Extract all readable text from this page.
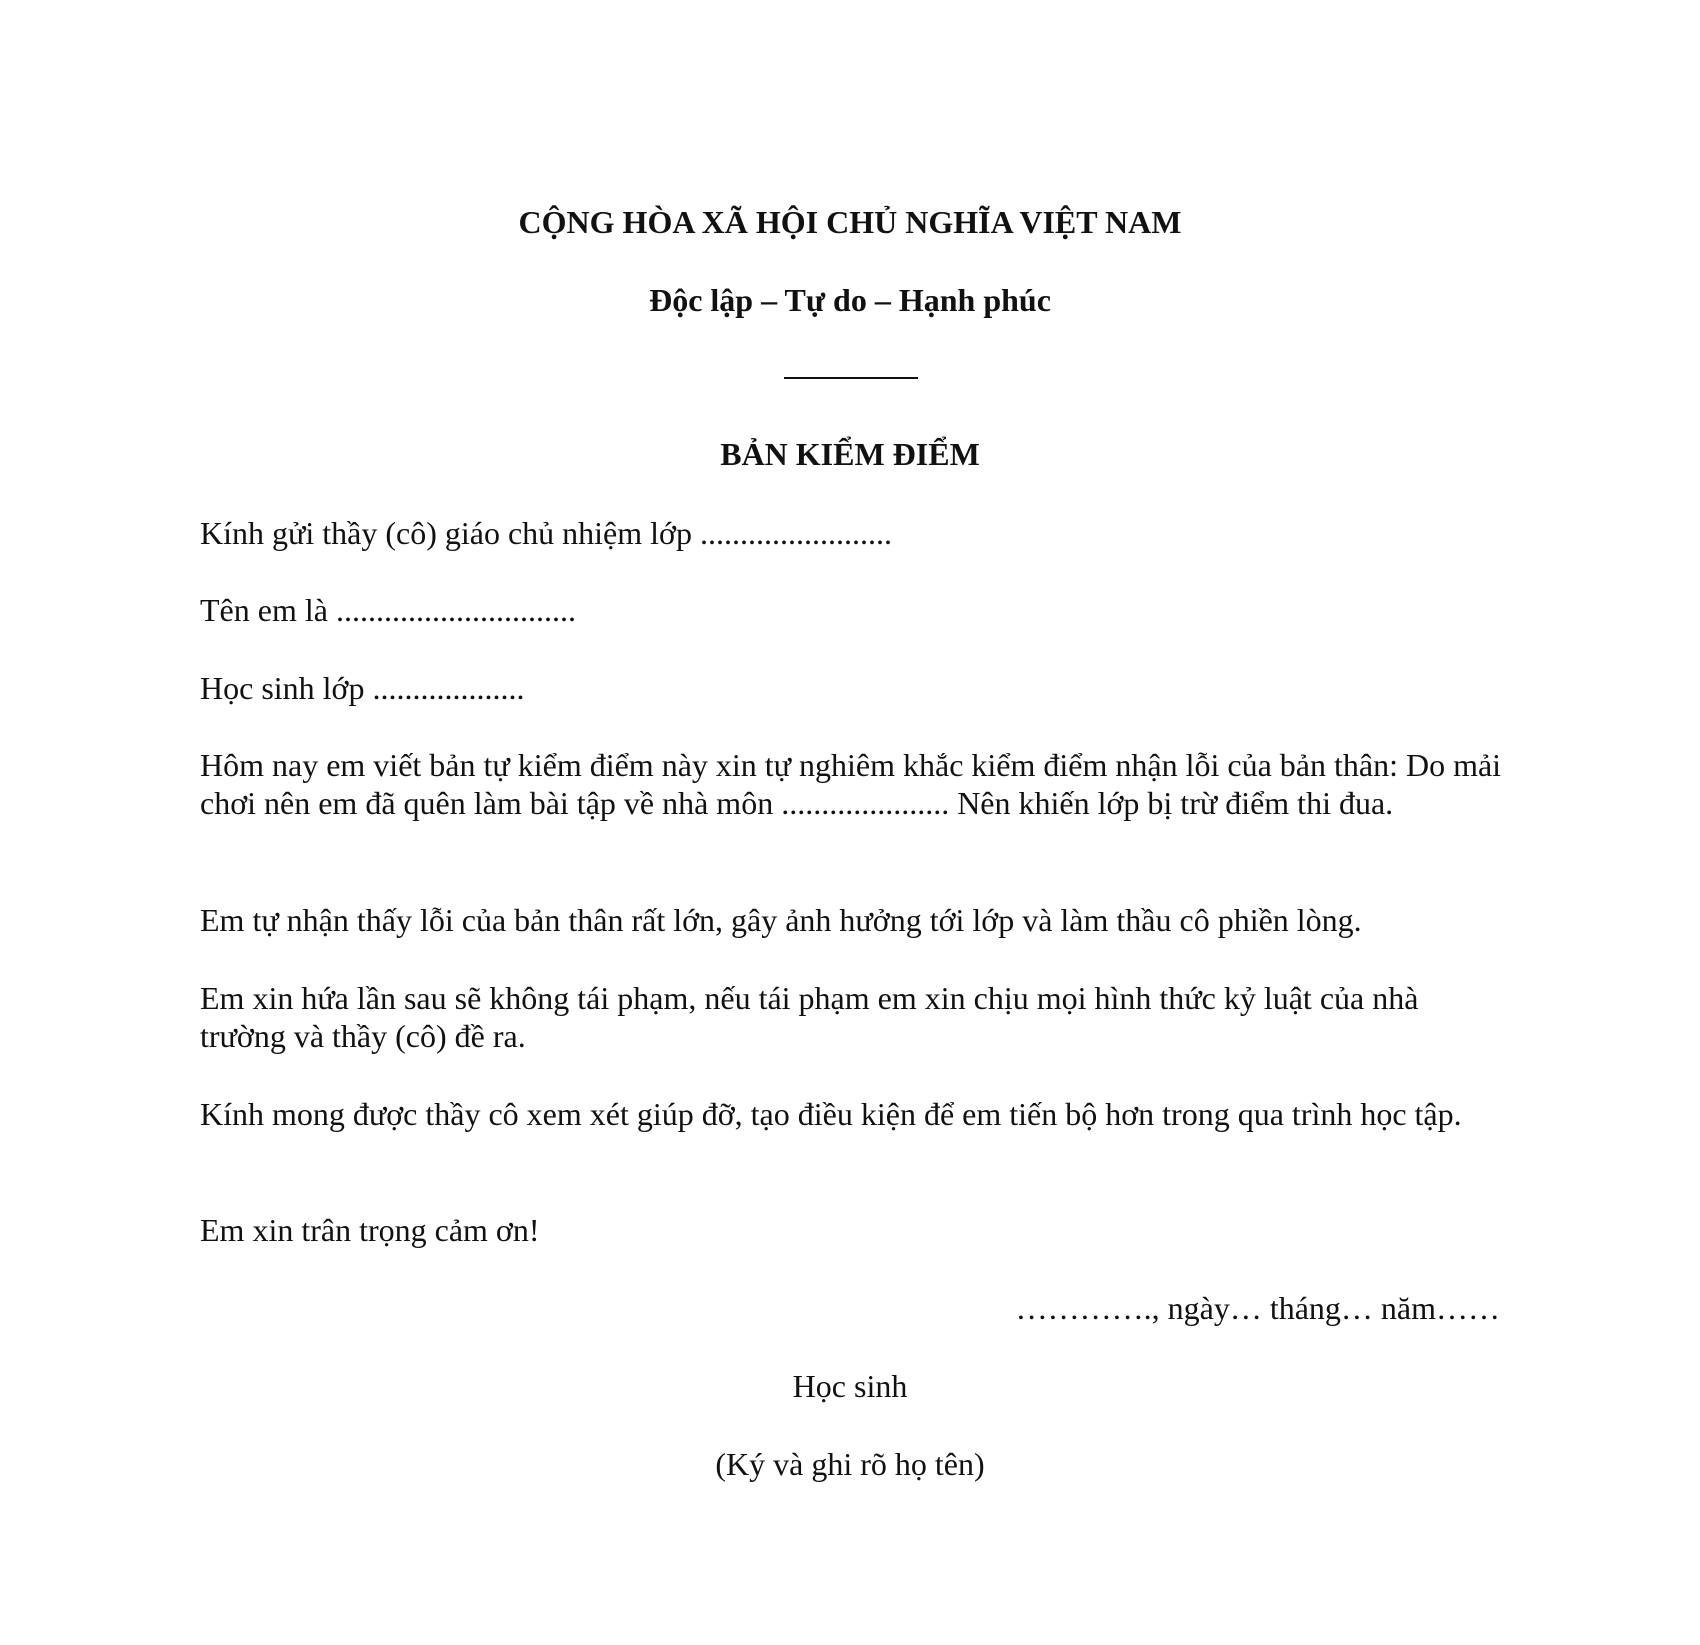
CỘNG HÒA XÃ HỘI CHỦ NGHĨA VIỆT NAM
Độc lập – Tự do – Hạnh phúc
BẢN KIỂM ĐIỂM

Kính gửi thầy (cô) giáo chủ nhiệm lớp ........................

Tên em là ..............................

Học sinh lớp ...................

Hôm nay em viết bản tự kiểm điểm này xin tự nghiêm khắc kiểm điểm nhận lỗi của bản thân: Do mải chơi nên em đã quên làm bài tập về nhà môn ..................... Nên khiến lớp bị trừ điểm thi đua.

Em tự nhận thấy lỗi của bản thân rất lớn, gây ảnh hưởng tới lớp và làm thầu cô phiền lòng.

Em xin hứa lần sau sẽ không tái phạm, nếu tái phạm em xin chịu mọi hình thức kỷ luật của nhà trường và thầy (cô) đề ra.

Kính mong được thầy cô xem xét giúp đỡ, tạo điều kiện để em tiến bộ hơn trong qua trình học tập.

Em xin trân trọng cảm ơn!

…………., ngày… tháng… năm……
Học sinh
(Ký và ghi rõ họ tên)
